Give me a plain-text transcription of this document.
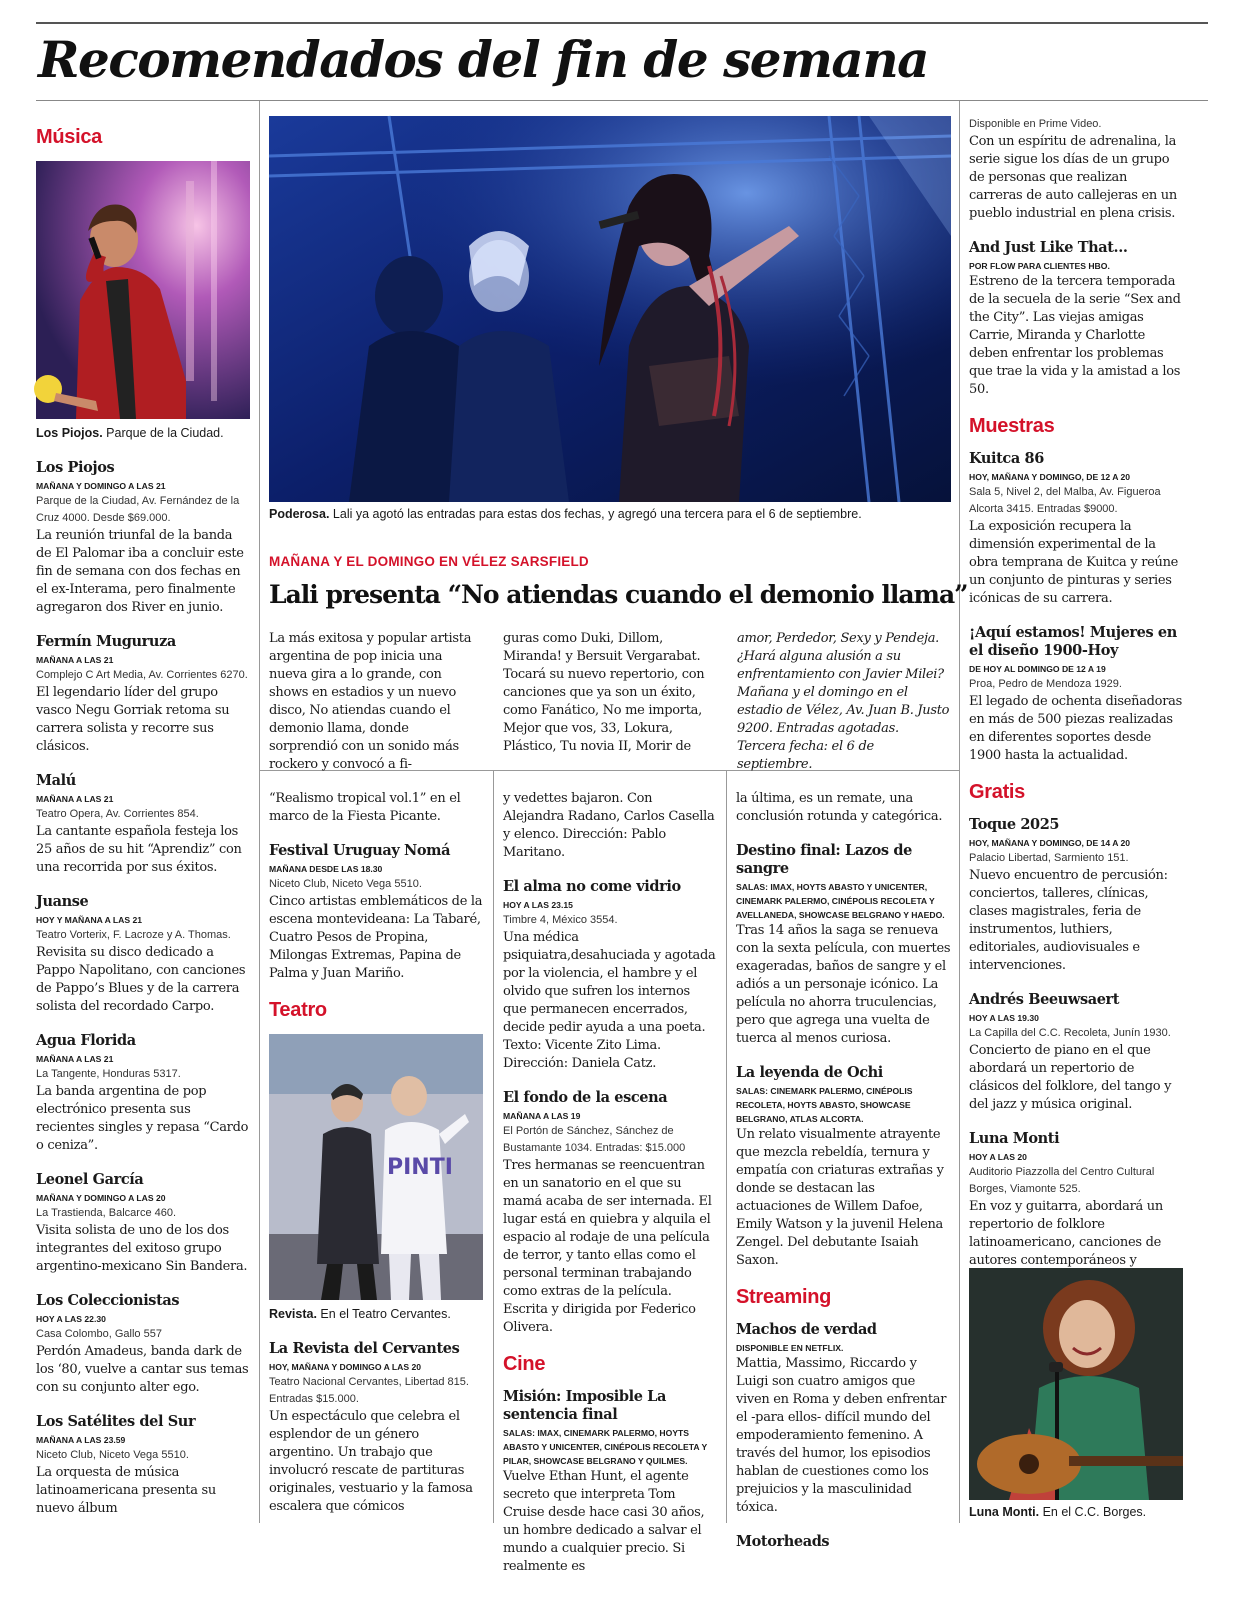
Recomendados del fin de semana
Música
Los Piojos. Parque de la Ciudad.
Los Piojos
MAÑANA Y DOMINGO A LAS 21
Parque de la Ciudad, Av. Fernández de la Cruz 4000. Desde $69.000.
La reunión triunfal de la banda de El Palomar iba a concluir este fin de semana con dos fechas en el ex-Interama, pero finalmente agregaron dos River en junio.
Fermín Muguruza
MAÑANA A LAS 21
Complejo C Art Media, Av. Corrientes 6270.
El legendario líder del grupo vasco Negu Gorriak retoma su carrera solista y recorre sus clásicos.
Malú
MAÑANA A LAS 21
Teatro Opera, Av. Corrientes 854.
La cantante española festeja los 25 años de su hit “Aprendiz” con una recorrida por sus éxitos.
Juanse
HOY Y MAÑANA A LAS 21
Teatro Vorterix, F. Lacroze y A. Thomas.
Revisita su disco dedicado a Pappo Napolitano, con canciones de Pappo’s Blues y de la carrera solista del recordado Carpo.
Agua Florida
MAÑANA A LAS 21
La Tangente, Honduras 5317.
La banda argentina de pop electrónico presenta sus recientes singles y repasa “Cardo o ceniza”.
Leonel García
MAÑANA Y DOMINGO A LAS 20
La Trastienda, Balcarce 460.
Visita solista de uno de los dos integrantes del exitoso grupo argentino-mexicano Sin Bandera.
Los Coleccionistas
HOY A LAS 22.30
Casa Colombo, Gallo 557
Perdón Amadeus, banda dark de los ‘80, vuelve a cantar sus temas con su conjunto alter ego.
Los Satélites del Sur
MAÑANA A LAS 23.59
Niceto Club, Niceto Vega 5510.
La orquesta de música latinoamericana presenta su nuevo álbum
Poderosa. Lali ya agotó las entradas para estas dos fechas, y agregó una tercera para el 6 de septiembre.
MAÑANA Y EL DOMINGO EN VÉLEZ SARSFIELD
Lali presenta “No atiendas cuando el demonio llama”
La más exitosa y popular artista argentina de pop inicia una nueva gira a lo grande, con shows en estadios y un nuevo disco, No atiendas cuando el demonio llama, donde sorprendió con un sonido más rockero y convocó a fi-
guras como Duki, Dillom, Miranda! y Bersuit Vergarabat. Tocará su nuevo repertorio, con canciones que ya son un éxito, como Fanático, No me importa, Mejor que vos, 33, Lokura, Plástico, Tu novia II, Morir de
amor, Perdedor, Sexy y Pendeja. ¿Hará alguna alusión a su enfrentamiento con Javier Milei? Mañana y el domingo en el estadio de Vélez, Av. Juan B. Justo 9200. Entradas agotadas. Tercera fecha: el 6 de septiembre.
“Realismo tropical vol.1” en el marco de la Fiesta Picante.
Festival Uruguay Nomá
MAÑANA DESDE LAS 18.30
Niceto Club, Niceto Vega 5510.
Cinco artistas emblemáticos de la escena montevideana: La Tabaré, Cuatro Pesos de Propina, Milongas Extremas, Papina de Palma y Juan Mariño.
Teatro
PINTI
Revista. En el Teatro Cervantes.
La Revista del Cervantes
HOY, MAÑANA Y DOMINGO A LAS 20
Teatro Nacional Cervantes, Libertad 815. Entradas $15.000.
Un espectáculo que celebra el esplendor de un género argentino. Un trabajo que involucró rescate de partituras originales, vestuario y la famosa escalera que cómicos
y vedettes bajaron. Con Alejandra Radano, Carlos Casella y elenco. Dirección: Pablo Maritano.
El alma no come vidrio
HOY A LAS 23.15
Timbre 4, México 3554.
Una médica psiquiatra,desahuciada y agotada por la violencia, el hambre y el olvido que sufren los internos que permanecen encerrados, decide pedir ayuda a una poeta. Texto: Vicente Zito Lima. Dirección: Daniela Catz.
El fondo de la escena
MAÑANA A LAS 19
El Portón de Sánchez, Sánchez de Bustamante 1034. Entradas: $15.000
Tres hermanas se reencuentran en un sanatorio en el que su mamá acaba de ser internada. El lugar está en quiebra y alquila el espacio al rodaje de una película de terror, y tanto ellas como el personal terminan trabajando como extras de la película. Escrita y dirigida por Federico Olivera.
Cine
Misión: Imposible La sentencia final
SALAS: IMAX, CINEMARK PALERMO, HOYTS ABASTO Y UNICENTER, CINÉPOLIS RECOLETA Y PILAR, SHOWCASE BELGRANO Y QUILMES.
Vuelve Ethan Hunt, el agente secreto que interpreta Tom Cruise desde hace casi 30 años, un hombre dedicado a salvar el mundo a cualquier precio. Si realmente es
la última, es un remate, una conclusión rotunda y categórica.
Destino final: Lazos de sangre
SALAS: IMAX, HOYTS ABASTO Y UNICENTER, CINEMARK PALERMO, CINÉPOLIS RECOLETA Y AVELLANEDA, SHOWCASE BELGRANO Y HAEDO.
Tras 14 años la saga se renueva con la sexta película, con muertes exageradas, baños de sangre y el adiós a un personaje icónico. La película no ahorra truculencias, pero que agrega una vuelta de tuerca al menos curiosa.
La leyenda de Ochi
SALAS: CINEMARK PALERMO, CINÉPOLIS RECOLETA, HOYTS ABASTO, SHOWCASE BELGRANO, ATLAS ALCORTA.
Un relato visualmente atrayente que mezcla rebeldía, ternura y empatía con criaturas extrañas y donde se destacan las actuaciones de Willem Dafoe, Emily Watson y la juvenil Helena Zengel. Del debutante Isaiah Saxon.
Streaming
Machos de verdad
DISPONIBLE EN NETFLIX.
Mattia, Massimo, Riccardo y Luigi son cuatro amigos que viven en Roma y deben enfrentar el -para ellos- difícil mundo del empoderamiento femenino. A través del humor, los episodios hablan de cuestiones como los prejuicios y la masculinidad tóxica.
Motorheads
Disponible en Prime Video.
Con un espíritu de adrenalina, la serie sigue los días de un grupo de personas que realizan carreras de auto callejeras en un pueblo industrial en plena crisis.
And Just Like That...
POR FLOW PARA CLIENTES HBO.
Estreno de la tercera temporada de la secuela de la serie “Sex and the City”. Las viejas amigas Carrie, Miranda y Charlotte deben enfrentar los problemas que trae la vida y la amistad a los 50.
Muestras
Kuitca 86
HOY, MAÑANA Y DOMINGO, DE 12 A 20
Sala 5, Nivel 2, del Malba, Av. Figueroa Alcorta 3415. Entradas $9000.
La exposición recupera la dimensión experimental de la obra temprana de Kuitca y reúne un conjunto de pinturas y series icónicas de su carrera.
¡Aquí estamos! Mujeres en el diseño 1900-Hoy
DE HOY AL DOMINGO DE 12 A 19
Proa, Pedro de Mendoza 1929.
El legado de ochenta diseñadoras en más de 500 piezas realizadas en diferentes soportes desde 1900 hasta la actualidad.
Gratis
Toque 2025
HOY, MAÑANA Y DOMINGO, DE 14 A 20
Palacio Libertad, Sarmiento 151.
Nuevo encuentro de percusión: conciertos, talleres, clínicas, clases magistrales, feria de instrumentos, luthiers, editoriales, audiovisuales e intervenciones.
Andrés Beeuwsaert
HOY A LAS 19.30
La Capilla del C.C. Recoleta, Junín 1930.
Concierto de piano en el que abordará un repertorio de clásicos del folklore, del tango y del jazz y música original.
Luna Monti
HOY A LAS 20
Auditorio Piazzolla del Centro Cultural Borges, Viamonte 525.
En voz y guitarra, abordará un repertorio de folklore latinoamericano, canciones de autores contemporáneos y
Luna Monti. En el C.C. Borges.
